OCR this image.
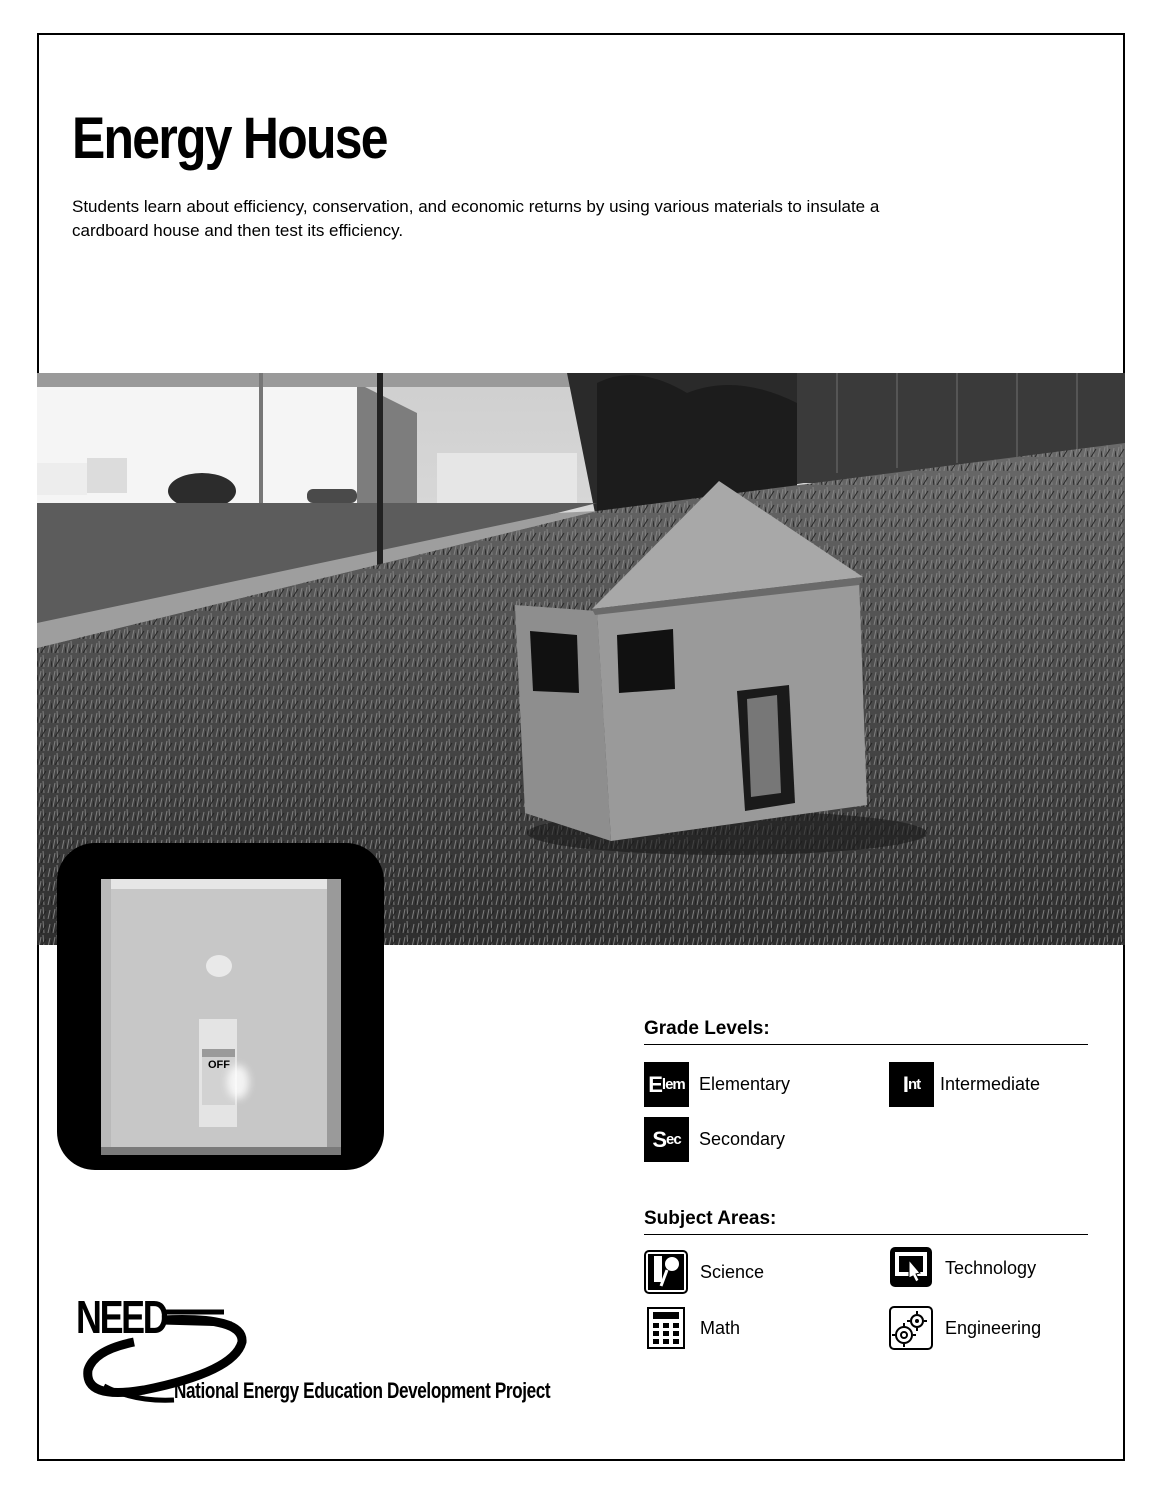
Energy House

Students learn about efficiency, conservation, and economic returns by using various materials to insulate a cardboard house and then test its efficiency.

OFF
Grade Levels:
E lem Elementary	I nt Intermediate
S ec Secondary
Subject Areas:
Science	Technology
Math	Engineering
NEED
National Energy Education Development Project
